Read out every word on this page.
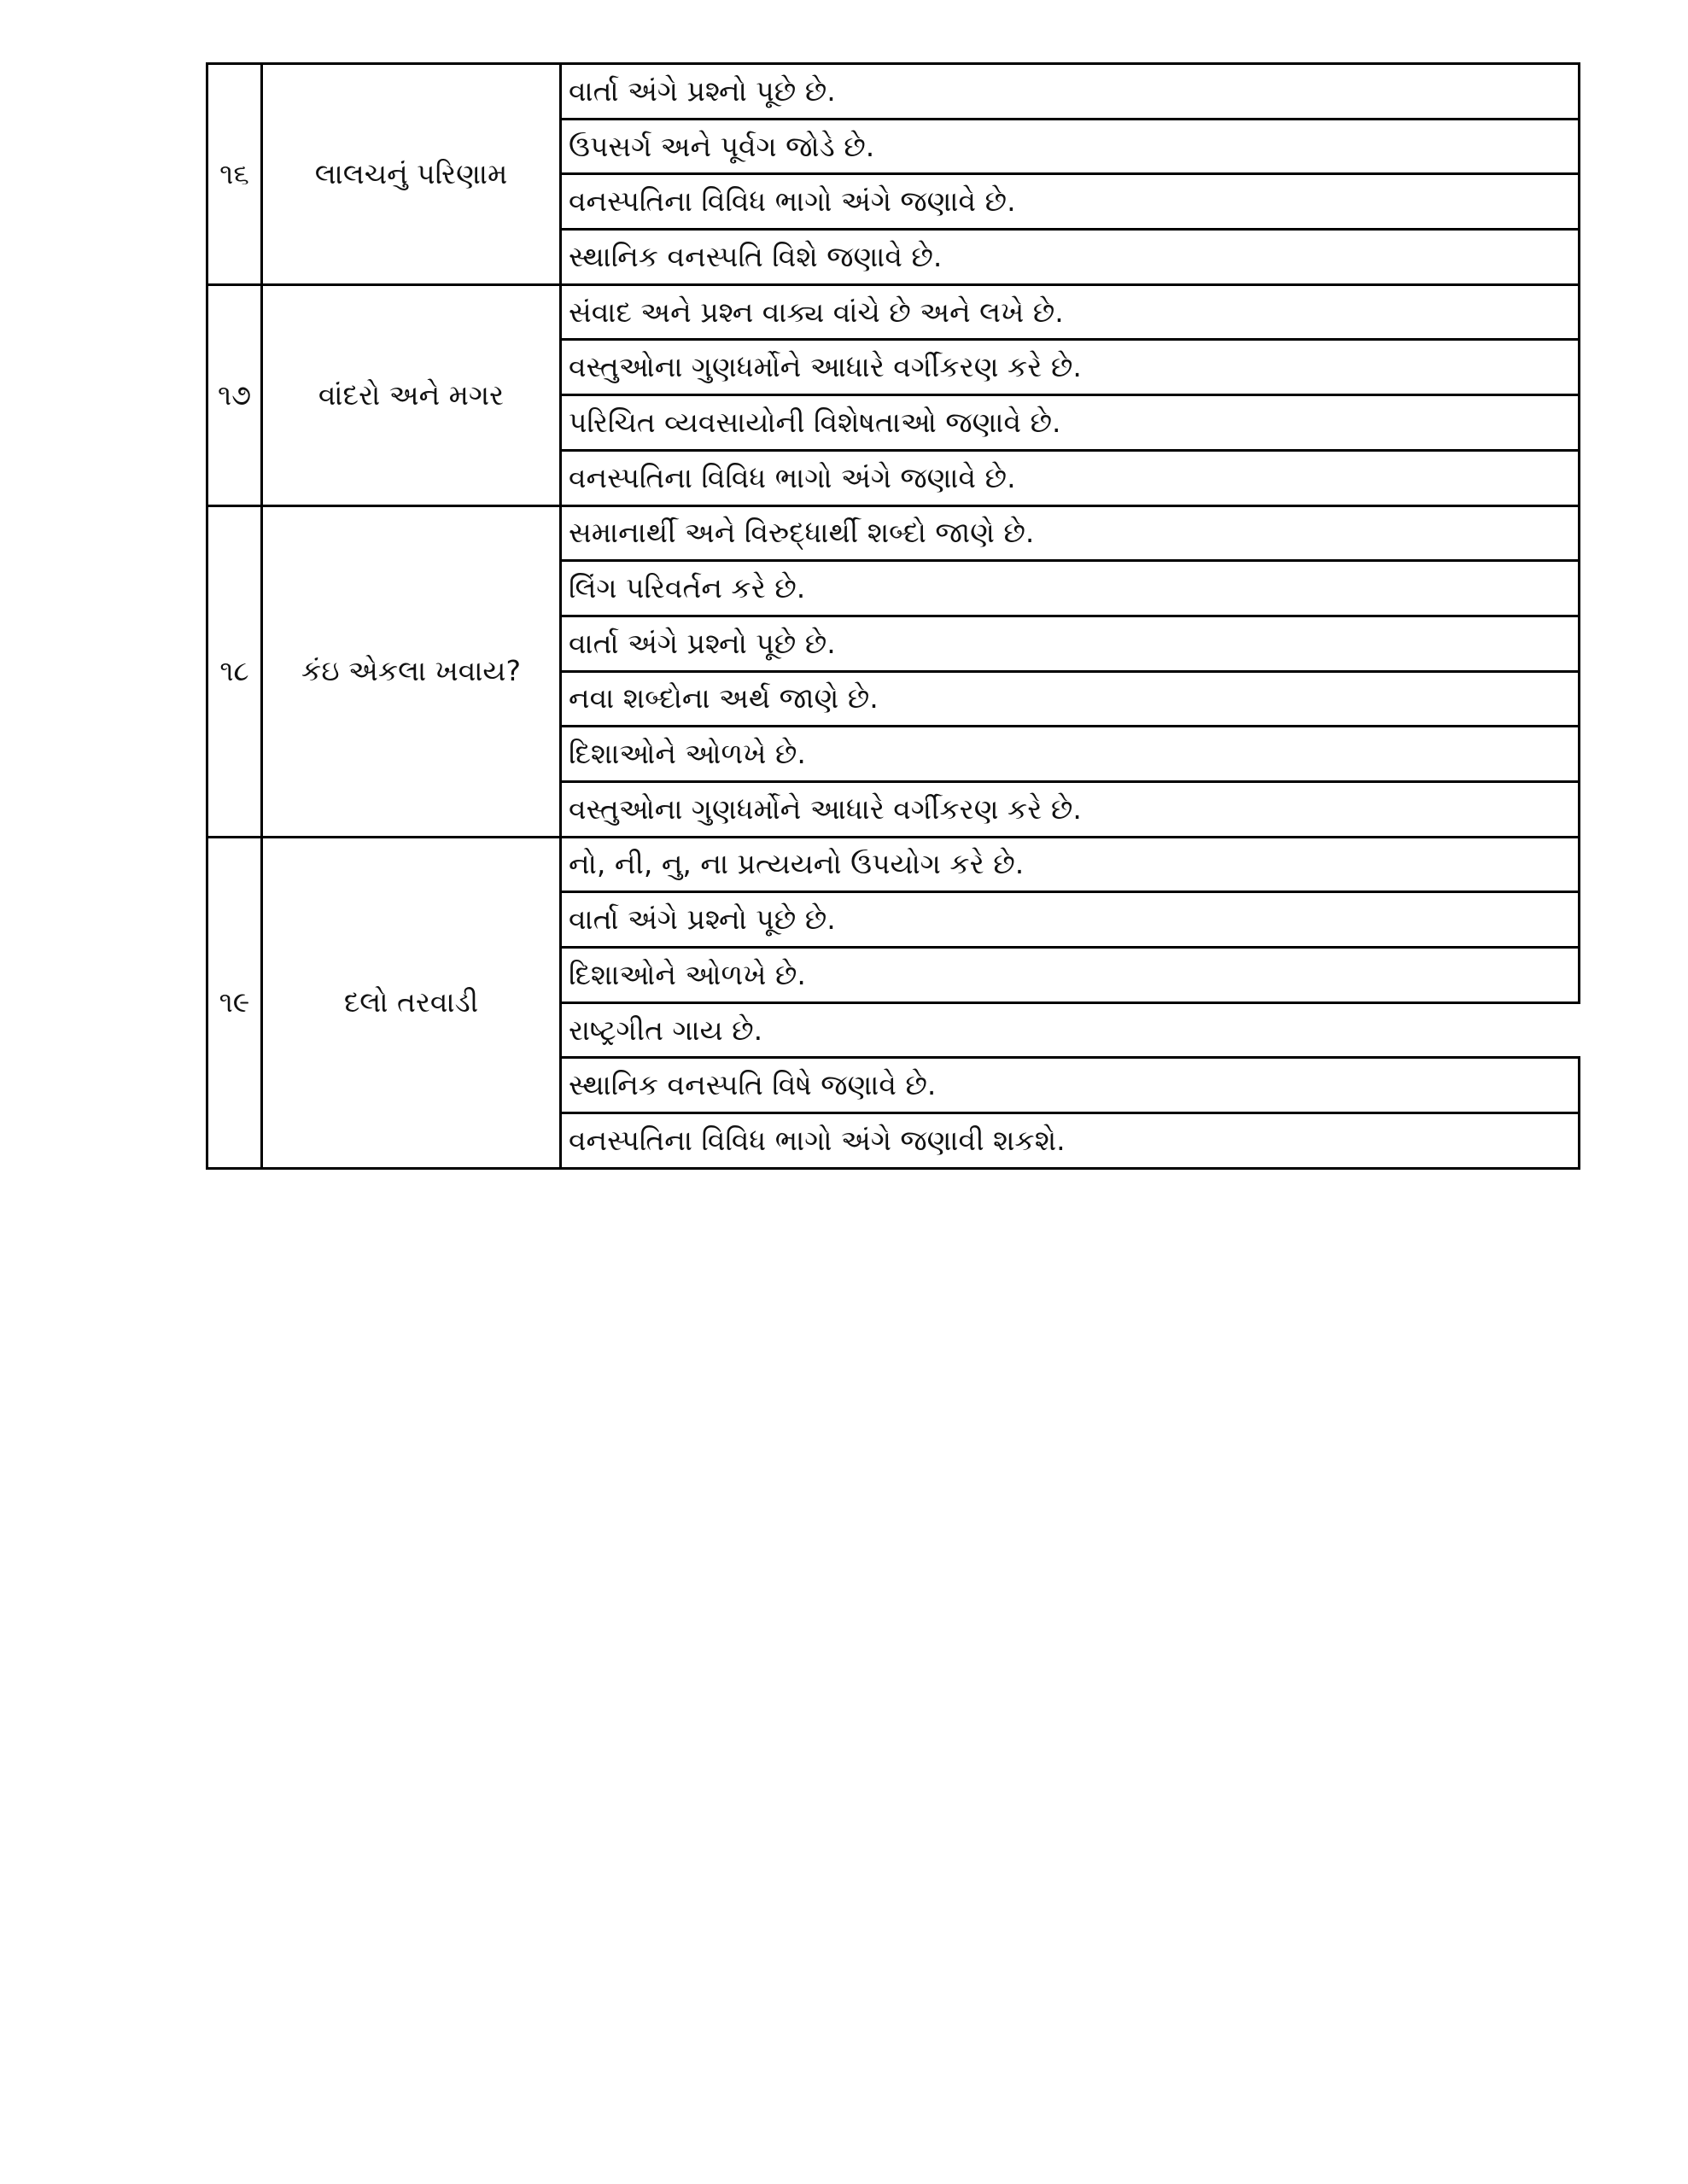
૧૬	લાલચનું પરિણામ	વાર્તા અંગે પ્રશ્નો પૂછે છે.
		ઉપસર્ગ અને પૂર્વગ જોડે છે.
		વનસ્પતિના વિવિધ ભાગો અંગે જણાવે છે.
		સ્થાનિક વનસ્પતિ વિશે જણાવે છે.
૧૭	વાંદરો અને મગર	સંવાદ અને પ્રશ્ન વાક્ય વાંચે છે અને લખે છે.
		વસ્તુઓના ગુણધર્મોને આધારે વર્ગીકરણ કરે છે.
		પરિચિત વ્યવસાયોની વિશેષતાઓ જણાવે છે.
		વનસ્પતિના વિવિધ ભાગો અંગે જણાવે છે.
૧૮	કંઇ એકલા ખવાય?	સમાનાર્થી અને વિરુદ્ધાર્થી શબ્દો જાણે છે.
		લિંગ પરિવર્તન કરે છે.
		વાર્તા અંગે પ્રશ્નો પૂછે છે.
		નવા શબ્દોના અર્થ જાણે છે.
		દિશાઓને ઓળખે છે.
		વસ્તુઓના ગુણધર્મોને આધારે વર્ગીકરણ કરે છે.
૧૯	દલો તરવાડી	નો, ની, નુ, ના પ્રત્યયનો ઉપયોગ કરે છે.
		વાર્તા અંગે પ્રશ્નો પૂછે છે.
		દિશાઓને ઓળખે છે.
		રાષ્ટ્રગીત ગાય છે.
		સ્થાનિક વનસ્પતિ વિષે જણાવે છે.
		વનસ્પતિના વિવિધ ભાગો અંગે જણાવી શકશે.
